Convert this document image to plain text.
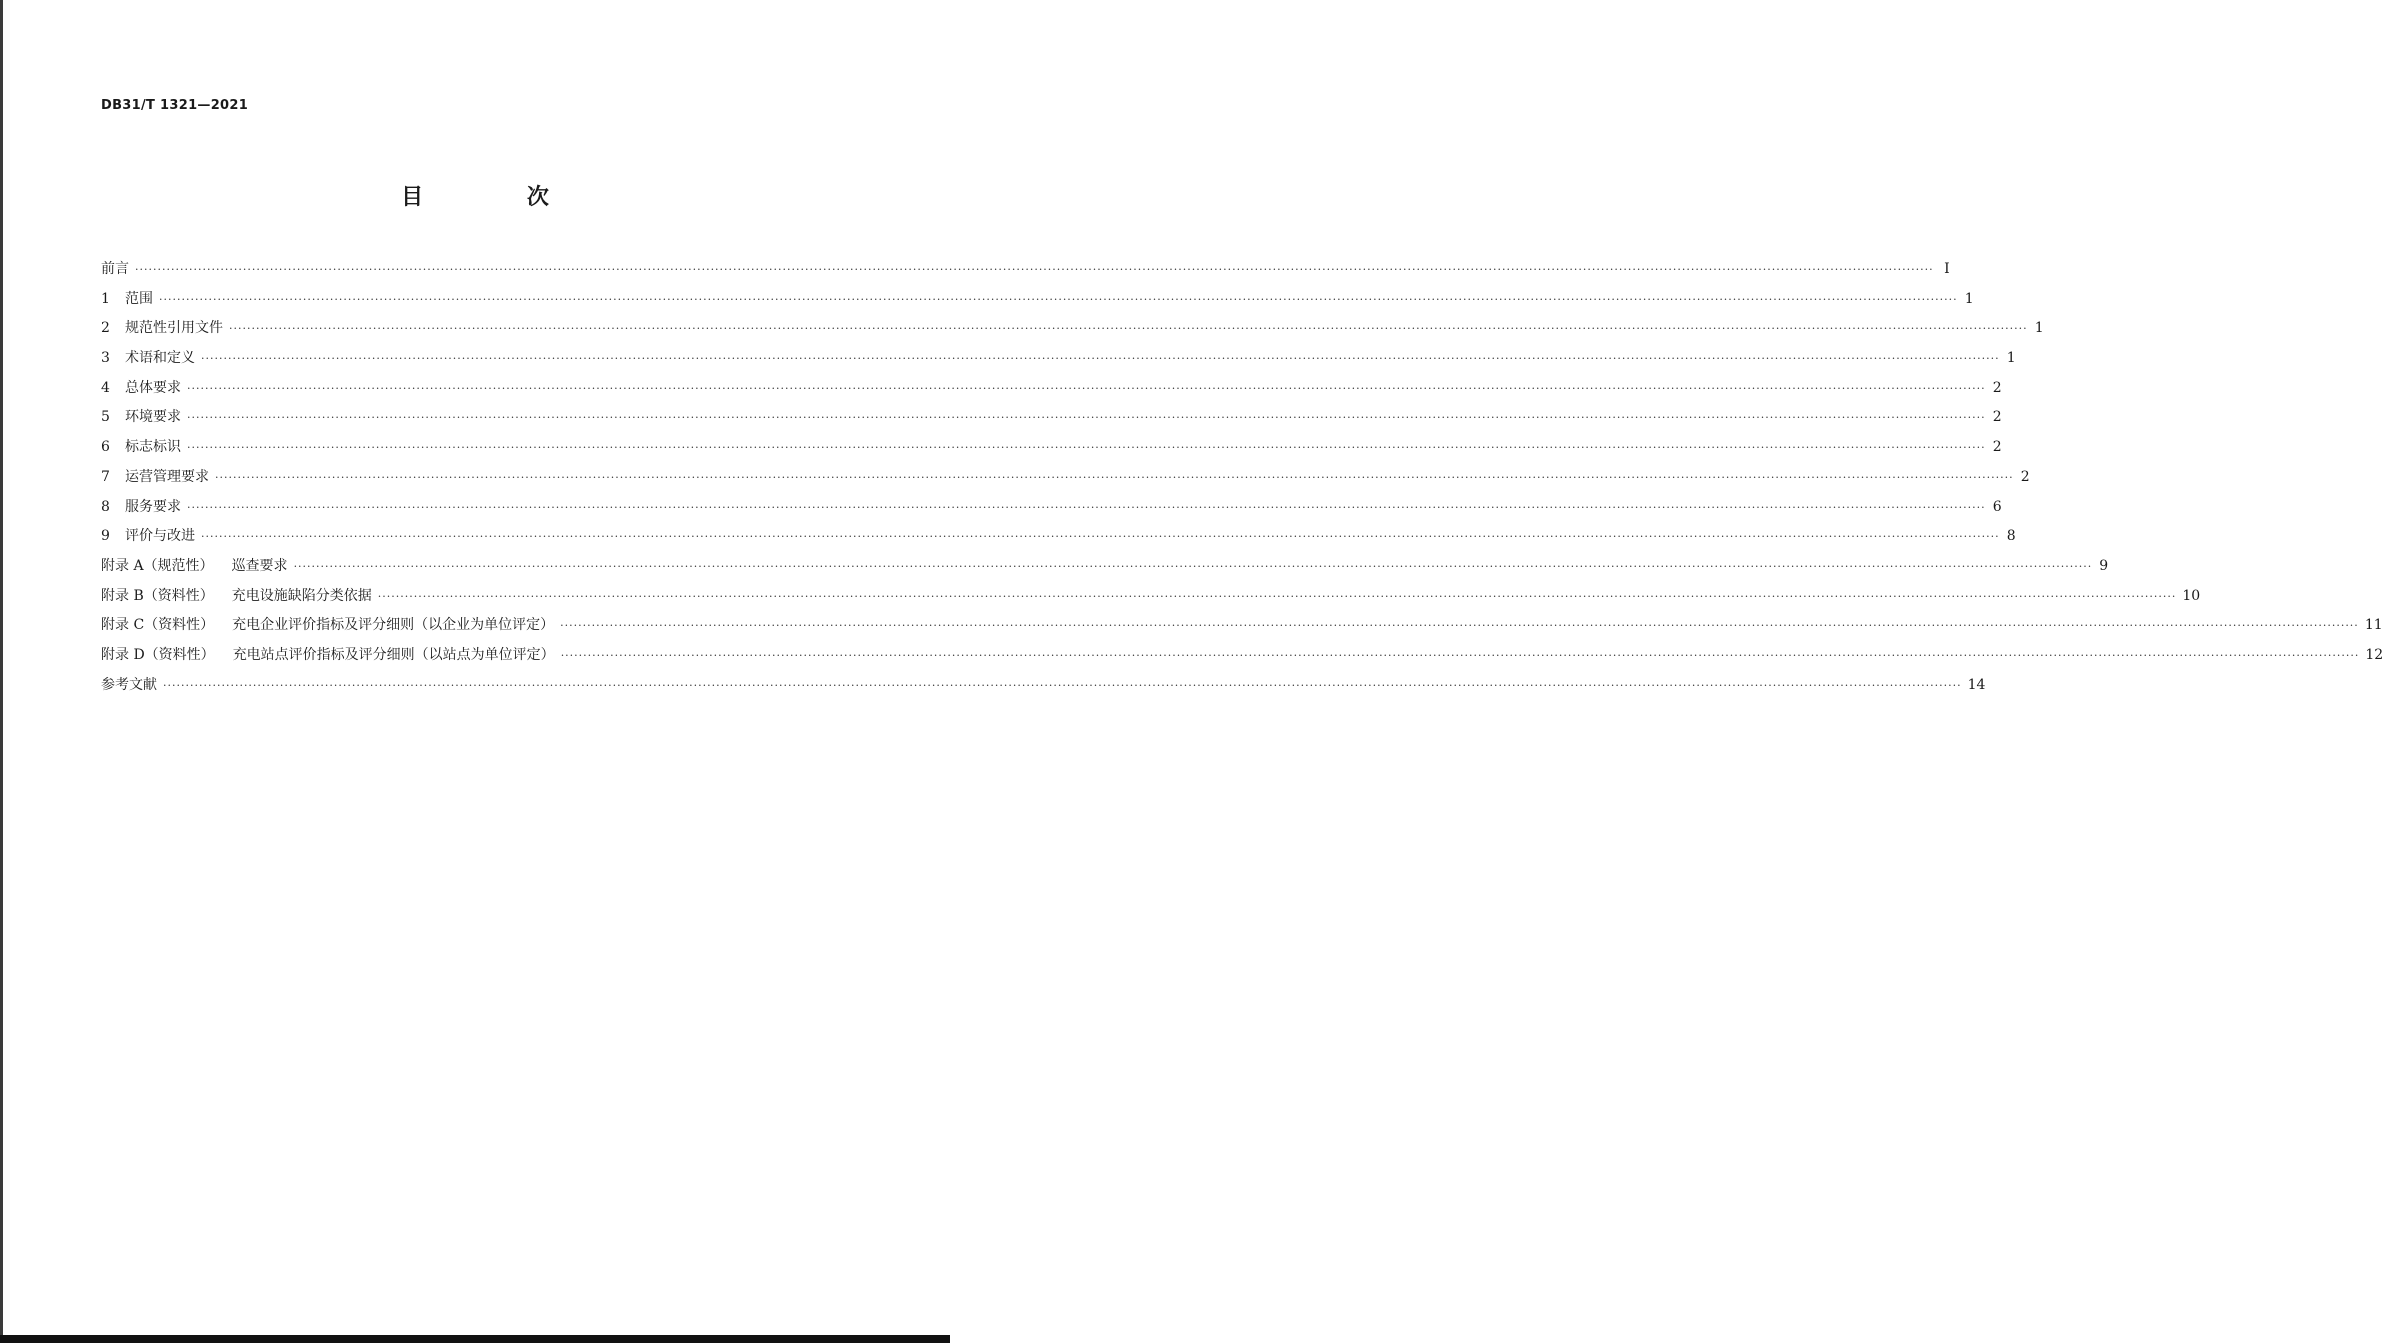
DB31/T 1321—2021
目 次
前言 ················································································································································································································································································································································································································ I
1	范围 ················································································································································································································································································································································································································ 1
2	规范性引用文件 ················································································································································································································································································································································································································ 1
3	术语和定义 ················································································································································································································································································································································································································ 1
4	总体要求 ················································································································································································································································································································································································································ 2
5	环境要求 ················································································································································································································································································································································································································ 2
6	标志标识 ················································································································································································································································································································································································································ 2
7	运营管理要求 ················································································································································································································································································································································································································ 2
8	服务要求 ················································································································································································································································································································································································································ 6
9	评价与改进 ················································································································································································································································································································································································································ 8
附录 A（规范性） 巡查要求 ················································································································································································································································································································································································································ 9
附录 B（资料性） 充电设施缺陷分类依据 ················································································································································································································································································································································································································ 10
附录 C（资料性） 充电企业评价指标及评分细则（以企业为单位评定） ················································································································································································································································································································································································································ 11
附录 D（资料性） 充电站点评价指标及评分细则（以站点为单位评定） ················································································································································································································································································································································································································ 12
参考文献 ················································································································································································································································································································································································································ 14
